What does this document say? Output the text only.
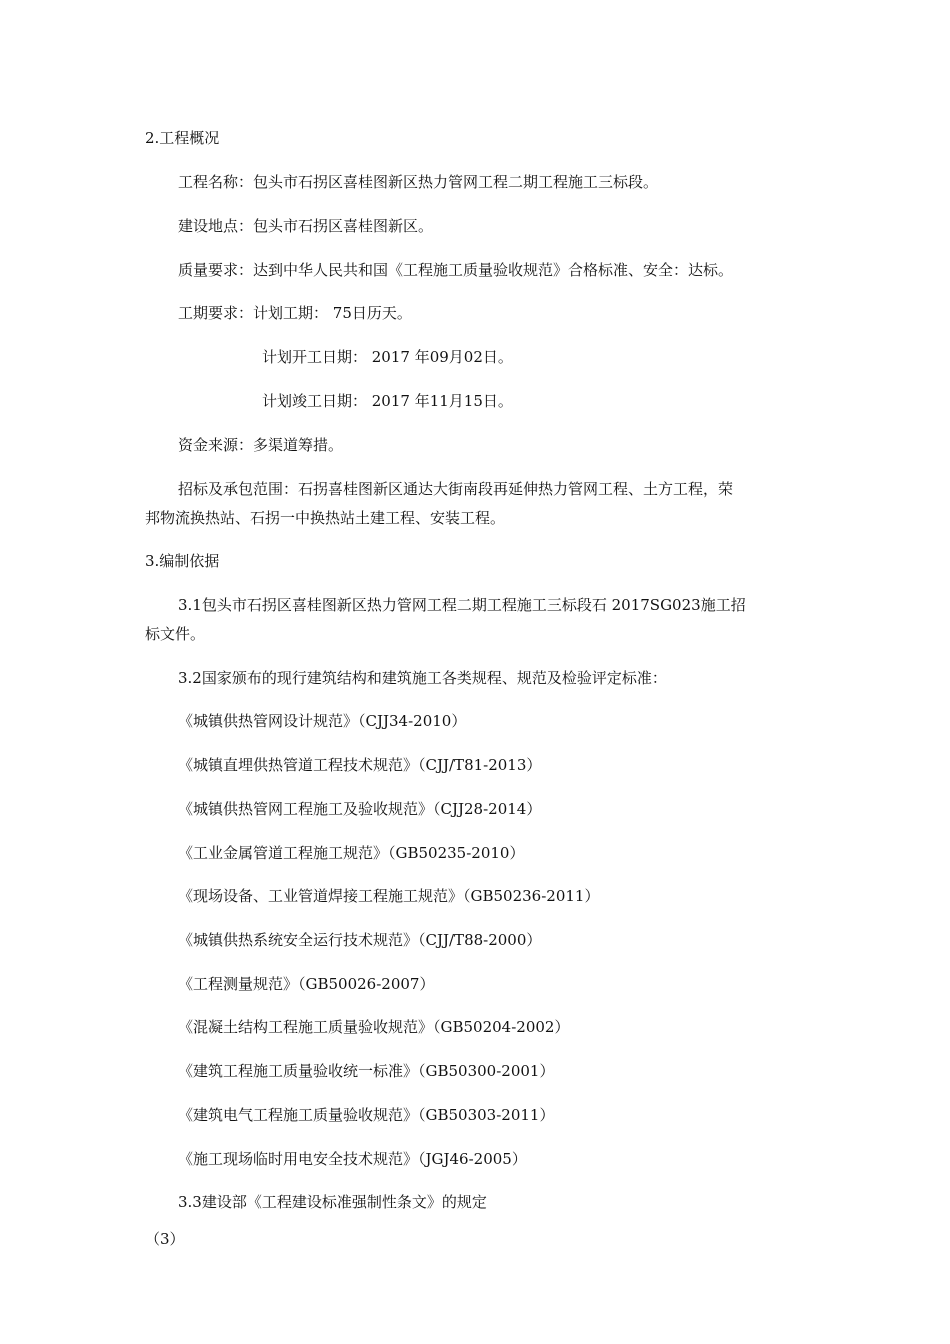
2.工程概况
工程名称：包头市石拐区喜桂图新区热力管网工程二期工程施工三标段。
建设地点：包头市石拐区喜桂图新区。
质量要求：达到中华人民共和国《工程施工质量验收规范》合格标准、安全：达标。
工期要求：计划工期： 75日历天。
计划开工日期： 2017 年09月02日。
计划竣工日期： 2017 年11月15日。
资金来源：多渠道筹措。
招标及承包范围：石拐喜桂图新区通达大街南段再延伸热力管网工程、土方工程，荣
邦物流换热站、石拐一中换热站土建工程、安装工程。
3.编制依据
3.1包头市石拐区喜桂图新区热力管网工程二期工程施工三标段石 2017SG023施工招
标文件。
3.2国家颁布的现行建筑结构和建筑施工各类规程、规范及检验评定标准：
《城镇供热管网设计规范》（CJJ34-2010）
《城镇直埋供热管道工程技术规范》（CJJ/T81-2013）
《城镇供热管网工程施工及验收规范》（CJJ28-2014）
《工业金属管道工程施工规范》（GB50235-2010）
《现场设备、工业管道焊接工程施工规范》（GB50236-2011）
《城镇供热系统安全运行技术规范》（CJJ/T88-2000）
《工程测量规范》（GB50026-2007）
《混凝土结构工程施工质量验收规范》（GB50204-2002）
《建筑工程施工质量验收统一标准》（GB50300-2001）
《建筑电气工程施工质量验收规范》（GB50303-2011）
《施工现场临时用电安全技术规范》（JGJ46-2005）
3.3建设部《工程建设标准强制性条文》的规定
（3）
